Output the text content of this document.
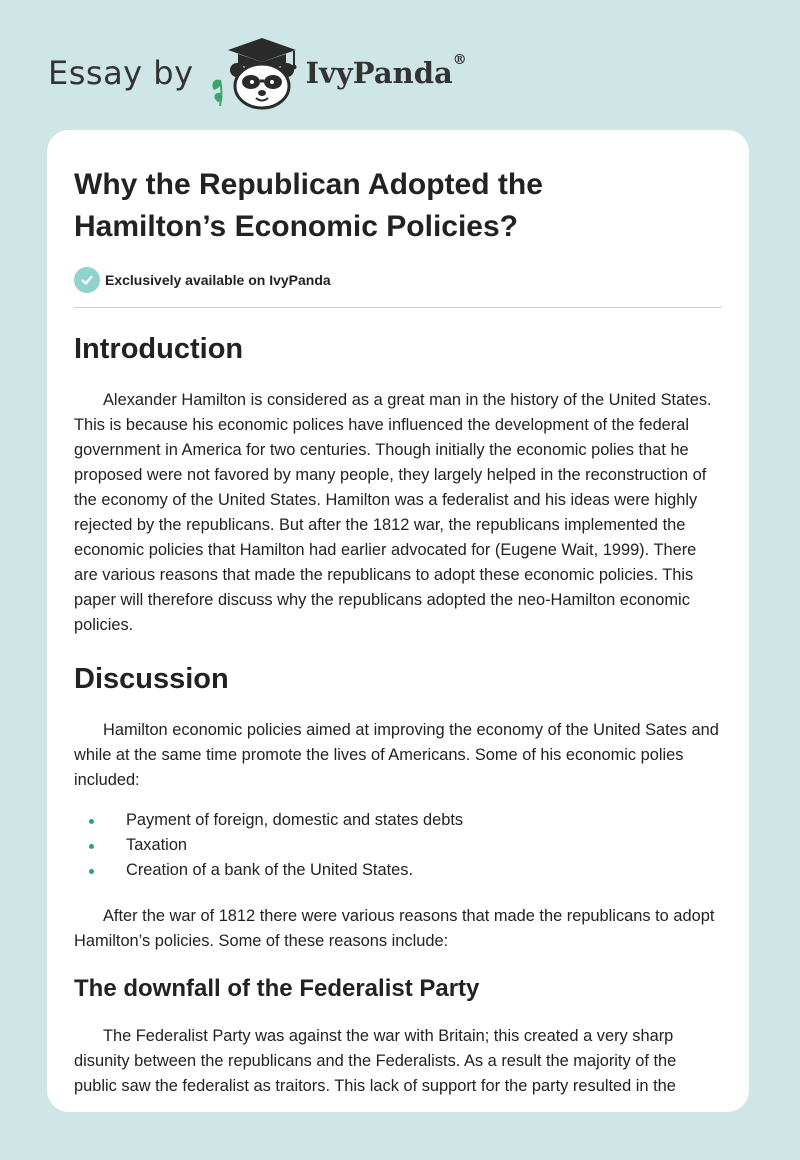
Essay by	IvyPanda®
Why the Republican Adopted the Hamilton’s Economic Policies?
Exclusively available on IvyPanda
Introduction

Alexander Hamilton is considered as a great man in the history of the United States. This is because his economic polices have influenced the development of the federal government in America for two centuries. Though initially the economic polies that he proposed were not favored by many people, they largely helped in the reconstruction of the economy of the United States. Hamilton was a federalist and his ideas were highly rejected by the republicans. But after the 1812 war, the republicans implemented the economic policies that Hamilton had earlier advocated for (Eugene Wait, 1999). There are various reasons that made the republicans to adopt these economic policies. This paper will therefore discuss why the republicans adopted the neo-Hamilton economic policies.

Discussion

Hamilton economic policies aimed at improving the economy of the United Sates and while at the same time promote the lives of Americans. Some of his economic polies included:

Payment of foreign, domestic and states debts
Taxation
Creation of a bank of the United States.

After the war of 1812 there were various reasons that made the republicans to adopt Hamilton’s policies. Some of these reasons include:

The downfall of the Federalist Party

The Federalist Party was against the war with Britain; this created a very sharp disunity between the republicans and the Federalists. As a result the majority of the public saw the federalist as traitors. This lack of support for the party resulted in the
